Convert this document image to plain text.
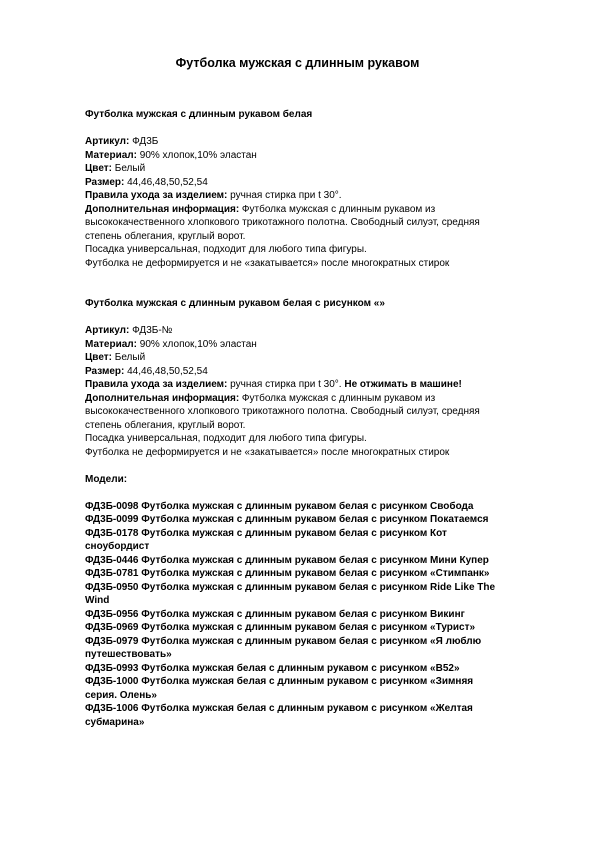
Футболка мужская с длинным рукавом

Футболка мужская с длинным рукавом белая

Артикул: ФД3Б

Материал: 90% хлопок,10% эластан

Цвет: Белый

Размер: 44,46,48,50,52,54

Правила ухода за изделием: ручная стирка при t 30°.

Дополнительная информация: Футболка мужская с длинным рукавом из

высококачественного хлопкового трикотажного полотна. Свободный силуэт, средняя

степень облегания, круглый ворот.

Посадка универсальная, подходит для любого типа фигуры.

Футболка не деформируется и не «закатывается» после многократных стирок

Футболка мужская с длинным рукавом белая с рисунком «»

Артикул: ФД3Б-№

Материал: 90% хлопок,10% эластан

Цвет: Белый

Размер: 44,46,48,50,52,54

Правила ухода за изделием: ручная стирка при t 30°. Не отжимать в машине!

Дополнительная информация: Футболка мужская с длинным рукавом из

высококачественного хлопкового трикотажного полотна. Свободный силуэт, средняя

степень облегания, круглый ворот.

Посадка универсальная, подходит для любого типа фигуры.

Футболка не деформируется и не «закатывается» после многократных стирок

Модели:

ФД3Б-0098 Футболка мужская с длинным рукавом белая с рисунком Свобода

ФД3Б-0099 Футболка мужская с длинным рукавом белая с рисунком Покатаемся

ФД3Б-0178 Футболка мужская с длинным рукавом белая с рисунком Кот

сноубордист

ФД3Б-0446 Футболка мужская с длинным рукавом белая с рисунком Мини Купер

ФД3Б-0781 Футболка мужская с длинным рукавом белая с рисунком «Стимпанк»

ФД3Б-0950 Футболка мужская с длинным рукавом белая с рисунком Ride Like The

Wind

ФД3Б-0956 Футболка мужская с длинным рукавом белая с рисунком Викинг

ФД3Б-0969 Футболка мужская с длинным рукавом белая с рисунком «Турист»

ФД3Б-0979 Футболка мужская с длинным рукавом белая с рисунком «Я люблю

путешествовать»

ФД3Б-0993 Футболка мужская белая с длинным рукавом с рисунком «В52»

ФД3Б-1000 Футболка мужская белая с длинным рукавом с рисунком «Зимняя

серия. Олень»

ФД3Б-1006 Футболка мужская белая с длинным рукавом с рисунком «Желтая

субмарина»
